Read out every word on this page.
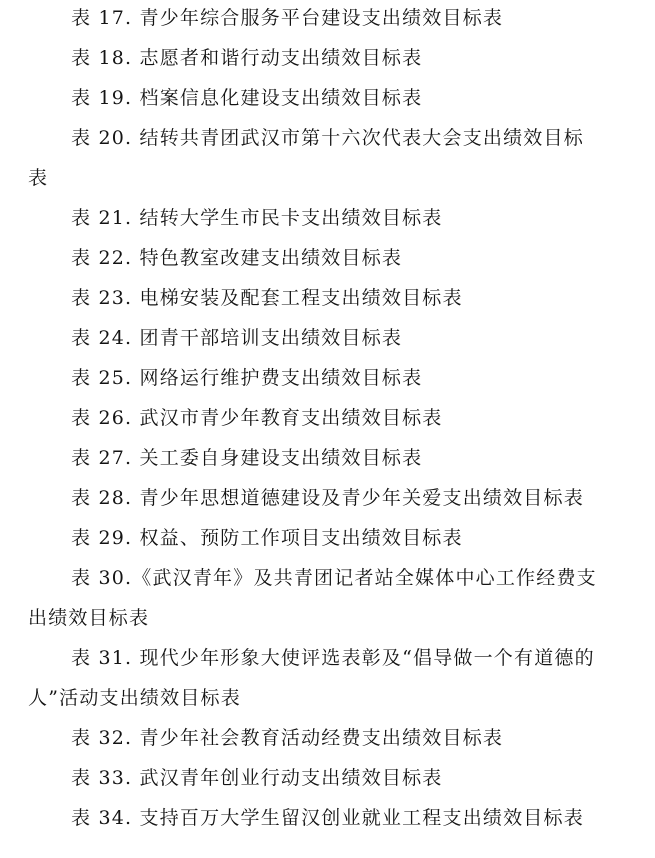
表 17. 青少年综合服务平台建设支出绩效目标表
表 18. 志愿者和谐行动支出绩效目标表
表 19. 档案信息化建设支出绩效目标表
表 20. 结转共青团武汉市第十六次代表大会支出绩效目标
表
表 21. 结转大学生市民卡支出绩效目标表
表 22. 特色教室改建支出绩效目标表
表 23. 电梯安装及配套工程支出绩效目标表
表 24. 团青干部培训支出绩效目标表
表 25. 网络运行维护费支出绩效目标表
表 26. 武汉市青少年教育支出绩效目标表
表 27. 关工委自身建设支出绩效目标表
表 28. 青少年思想道德建设及青少年关爱支出绩效目标表
表 29. 权益、预防工作项目支出绩效目标表
表 30.《武汉青年》及共青团记者站全媒体中心工作经费支
出绩效目标表
表 31. 现代少年形象大使评选表彰及“倡导做一个有道德的
人”活动支出绩效目标表
表 32. 青少年社会教育活动经费支出绩效目标表
表 33. 武汉青年创业行动支出绩效目标表
表 34. 支持百万大学生留汉创业就业工程支出绩效目标表
